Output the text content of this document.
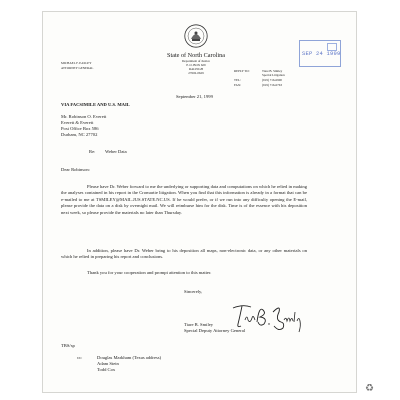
MICHAEL F. EASLEY
ATTORNEY GENERAL
State of North Carolina
Department of Justice
P. O. BOX 629
RALEIGH
27602-0629	REPLY TO:	Tiare B. Smiley
Special Litigation
TEL:	(919) 716-6900
FAX:	(919) 716-6763
SEP 24 1999
September 21, 1999
VIA FACSIMILE AND U.S. MAIL
Mr. Robinson O. Everett
Everett & Everett
Post Office Box 586
Durham, NC 27702
Re: Weber Data
Dear Robinson:
Please have Dr. Weber forward to me the underlying or supporting data and computations on which he relied in making the analyses contained in his report in the Cromartie litigation. When you find that this information is already in a format that can be e-mailed to me at TSMILEY@MAIL.JUS.STATE.NC.US. If he would prefer, or if we run into any difficulty opening the E-mail, please provide the data on a disk by overnight mail. We will reimburse him for the disk. Time is of the essence with his deposition next week, so please provide the materials no later than Thursday.
In addition, please have Dr. Weber bring to his deposition all maps, non-electronic data, or any other materials on which he relied in preparing his report and conclusions.
Thank you for your cooperation and prompt attention to this matter.
Sincerely,
Tiare B. Smiley
Special Deputy Attorney General
TBS/sp
cc:	Douglas Markham (Texas address)
Adam Stein
Todd Cox
♻
